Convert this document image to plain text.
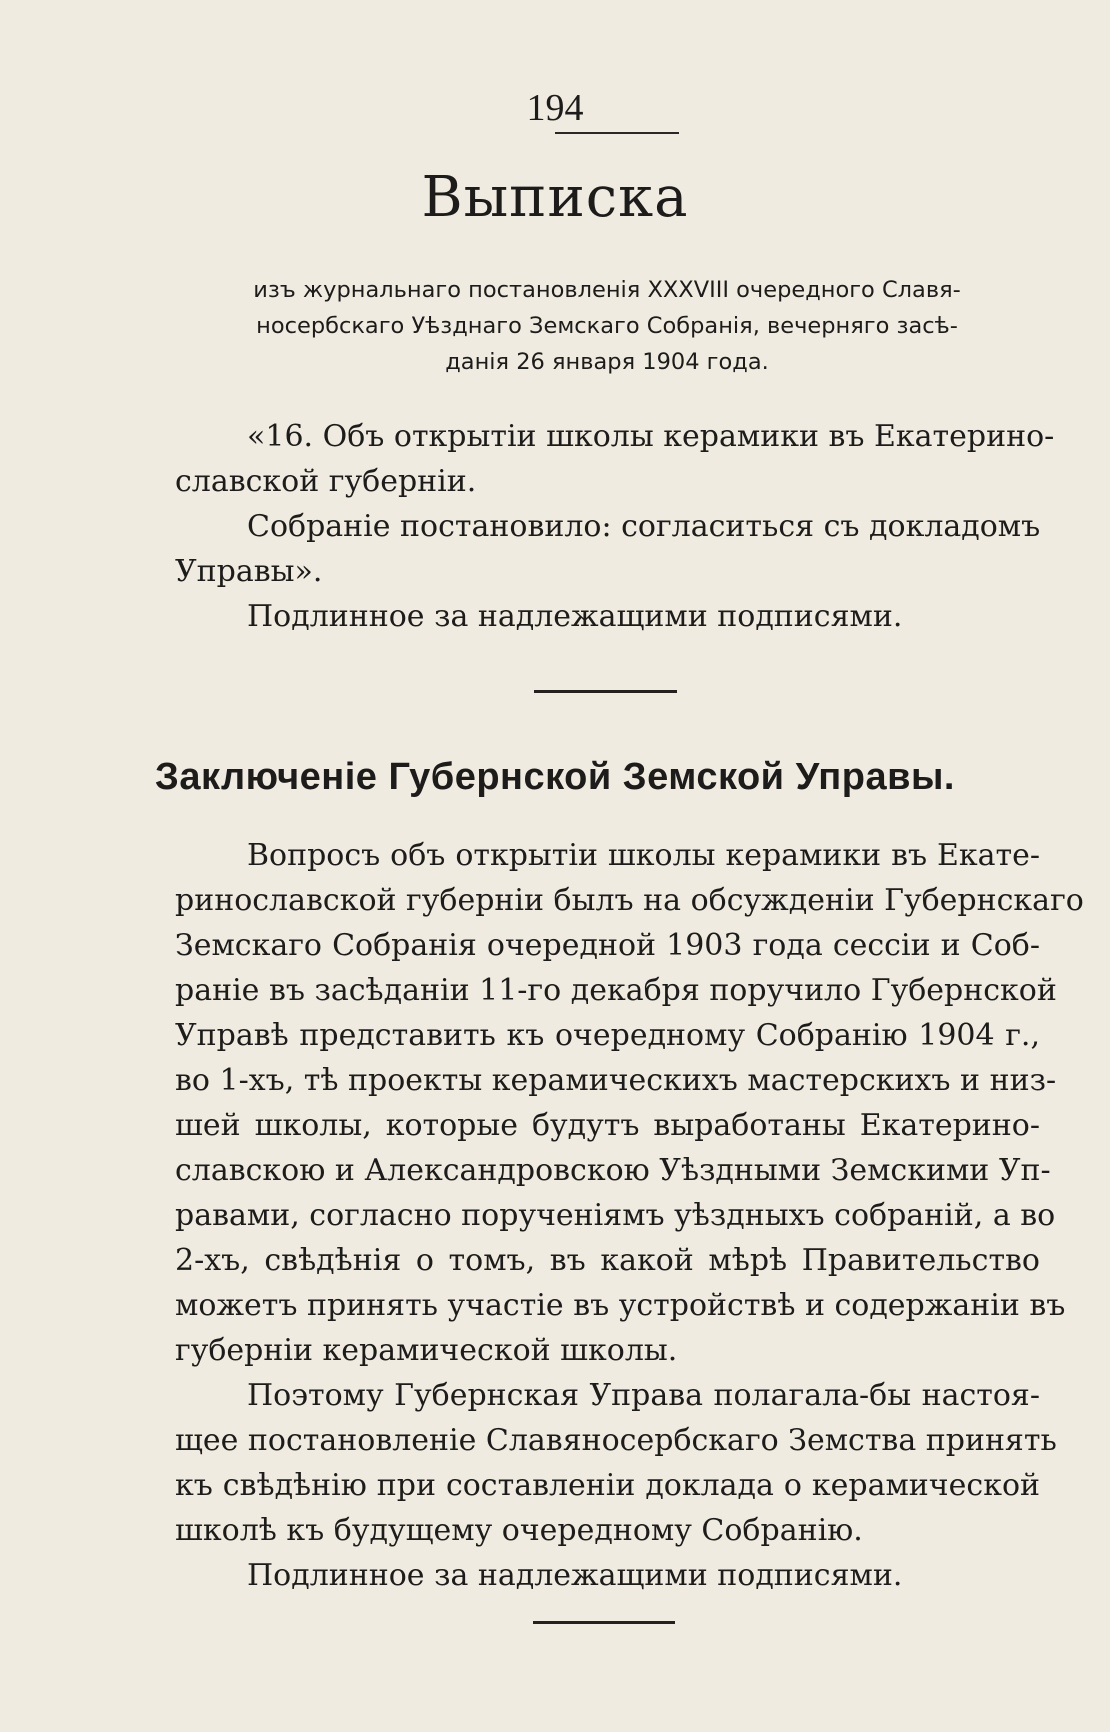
194
Выписка
изъ журнальнаго постановленія XXXVIII очередного Славя-
носербскаго Уѣзднаго Земскаго Собранія, вечерняго засѣ-
данія 26 января 1904 года.

«16. Объ открытіи школы керамики въ Екатерино-
славской губерніи.

Собраніе постановило: согласиться съ докладомъ
Управы».

Подлинное за надлежащими подписями.

Заключеніе Губернской Земской Управы.

Вопросъ объ открытіи школы керамики въ Екате-
ринославской губерніи былъ на обсужденіи Губернскаго
Земскаго Собранія очередной 1903 года сессіи и Соб-
раніе въ засѣданіи 11-го декабря поручило Губернской
Управѣ представить къ очередному Собранію 1904 г.,
во 1-хъ, тѣ проекты керамическихъ мастерскихъ и низ-
шей школы, которые будутъ выработаны Екатерино-
славскою и Александровскою Уѣздными Земскими Уп-
равами, согласно порученіямъ уѣздныхъ собраній, а во
2-хъ, свѣдѣнія о томъ, въ какой мѣрѣ Правительство
можетъ принять участіе въ устройствѣ и содержаніи въ
губерніи керамической школы.

Поэтому Губернская Управа полагала-бы настоя-
щее постановленіе Славяносербскаго Земства принять
къ свѣдѣнію при составленіи доклада о керамической
школѣ къ будущему очередному Собранію.

Подлинное за надлежащими подписями.
